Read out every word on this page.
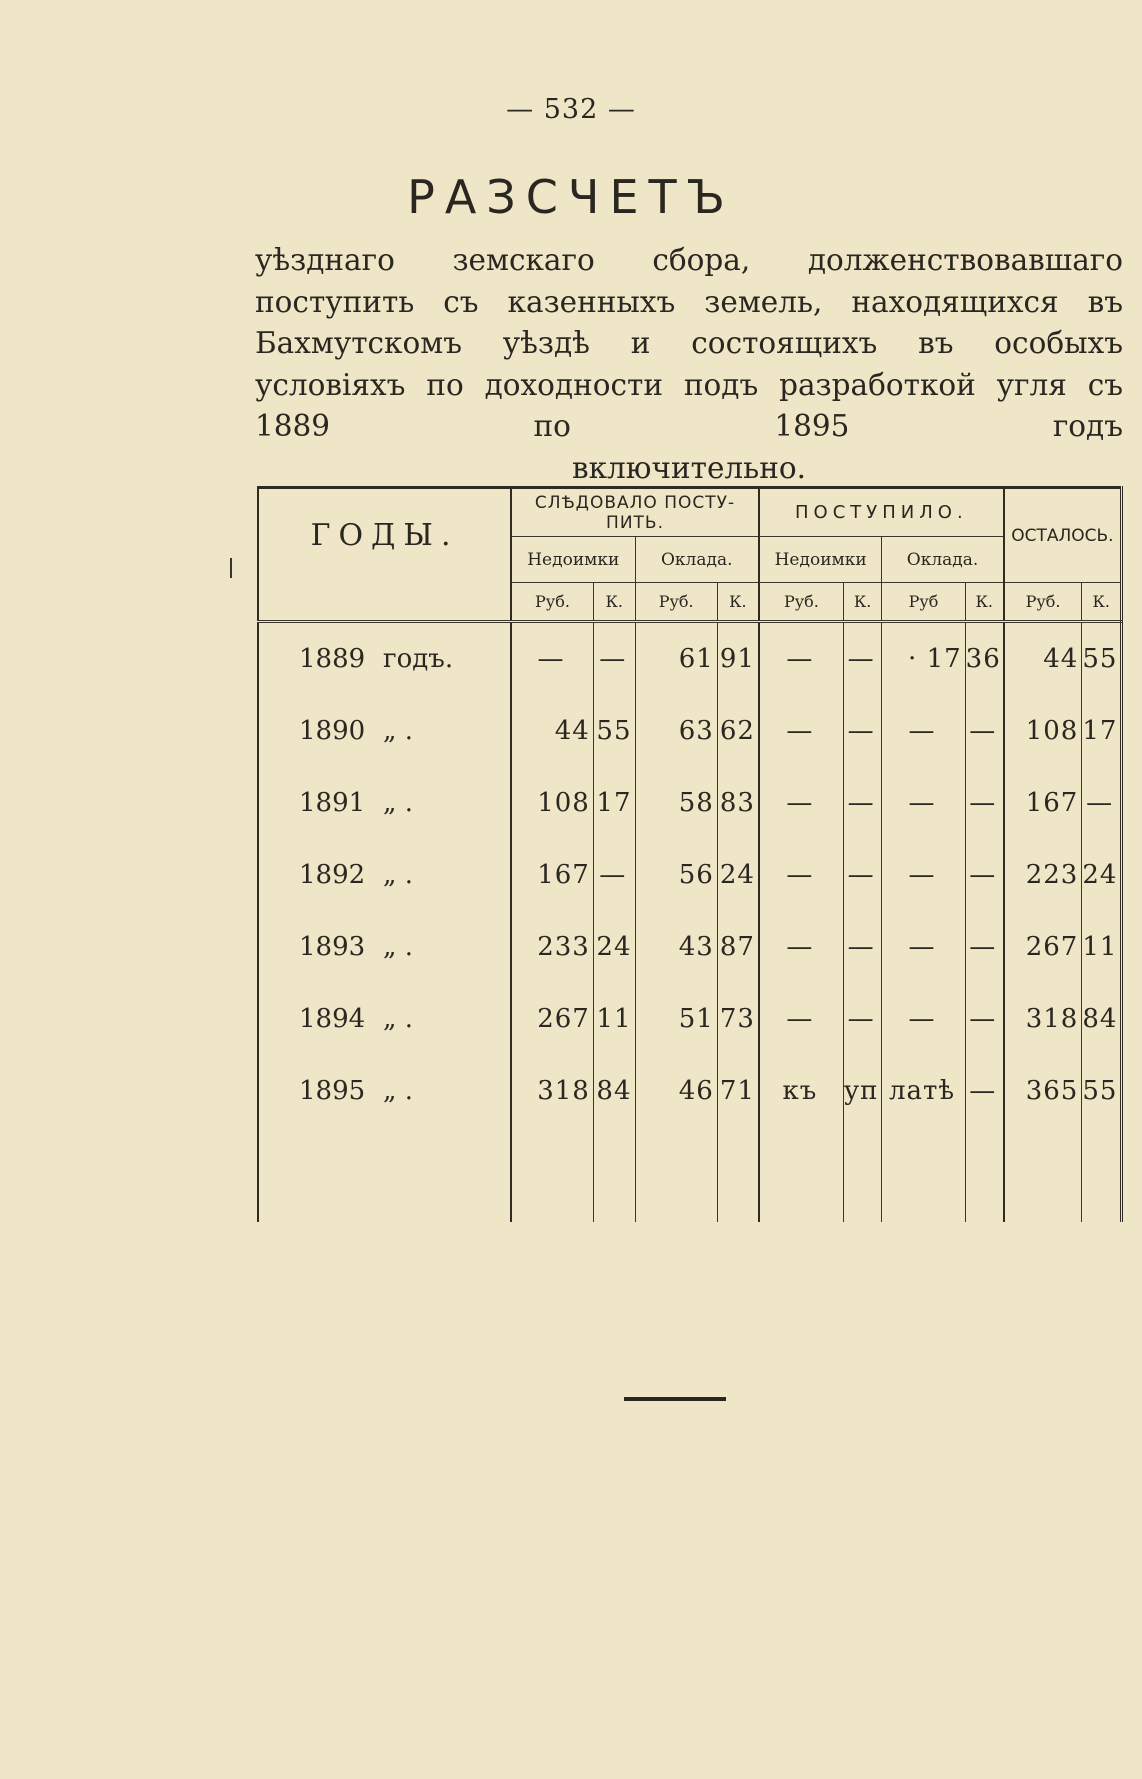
— 532 —
РАЗСЧЕТЪ
уѣзднаго земскаго сбора, долженствовавшаго поступить съ казенныхъ земель, находящихся въ Бахмутскомъ уѣздѣ и состоящихъ въ особыхъ условіяхъ по доходности подъ разработкой угля съ 1889 по 1895 годъ
включительно.
ГОДЫ.	СЛѢДОВАЛО ПОСТУ-ПИТЬ.				ПОСТУПИЛО.				ОСТАЛОСЬ.	
	Недоимки		Оклада.		Недоимки		Оклада.			
	Руб.	К.	Руб.	К.	Руб.	К.	Руб	К.	Руб.	К.
1889 годъ.	—	—	61	91	—	—	· 17	36	44	55
1890 „ .	44	55	63	62	—	—	—	—	108	17
1891 „ .	108	17	58	83	—	—	—	—	167	—
1892 „ .	167	—	56	24	—	—	—	—	223	24
1893 „ .	233	24	43	87	—	—	—	—	267	11
1894 „ .	267	11	51	73	—	—	—	—	318	84
1895 „ .	318	84	46	71	къ	уп	латѣ	—	365	55
